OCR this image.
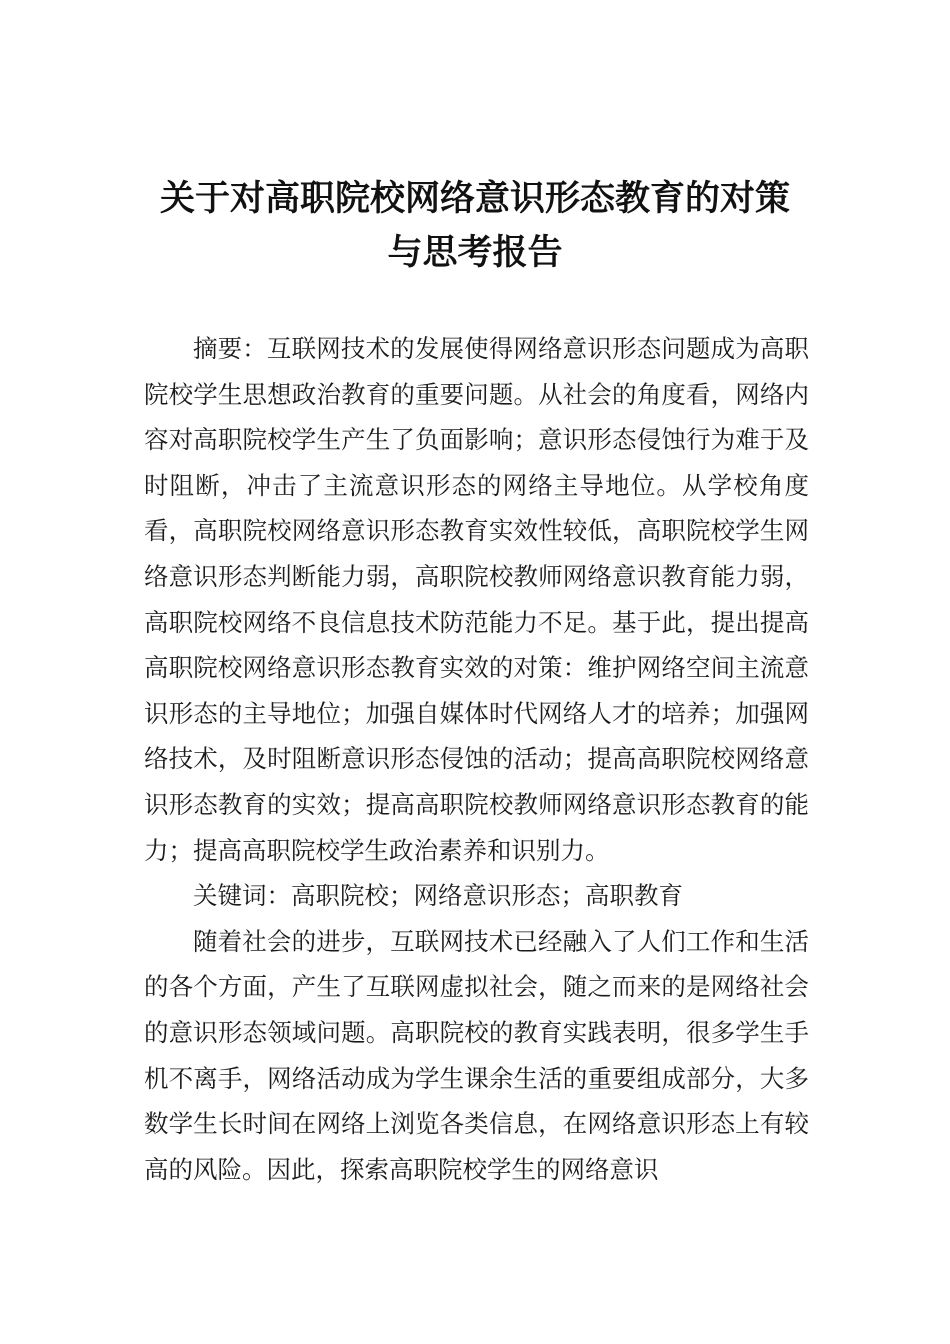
关于对高职院校网络意识形态教育的对策
与思考报告

摘要：互联网技术的发展使得网络意识形态问题成为高职院校学生思想政治教育的重要问题。从社会的角度看，网络内容对高职院校学生产生了负面影响；意识形态侵蚀行为难于及时阻断，冲击了主流意识形态的网络主导地位。从学校角度看，高职院校网络意识形态教育实效性较低，高职院校学生网络意识形态判断能力弱，高职院校教师网络意识教育能力弱，高职院校网络不良信息技术防范能力不足。基于此，提出提高高职院校网络意识形态教育实效的对策：维护网络空间主流意识形态的主导地位；加强自媒体时代网络人才的培养；加强网络技术，及时阻断意识形态侵蚀的活动；提高高职院校网络意识形态教育的实效；提高高职院校教师网络意识形态教育的能力；提高高职院校学生政治素养和识别力。

关键词：高职院校；网络意识形态；高职教育

随着社会的进步，互联网技术已经融入了人们工作和生活的各个方面，产生了互联网虚拟社会，随之而来的是网络社会的意识形态领域问题。高职院校的教育实践表明，很多学生手机不离手，网络活动成为学生课余生活的重要组成部分，大多数学生长时间在网络上浏览各类信息，在网络意识形态上有较高的风险。因此，探索高职院校学生的网络意识
